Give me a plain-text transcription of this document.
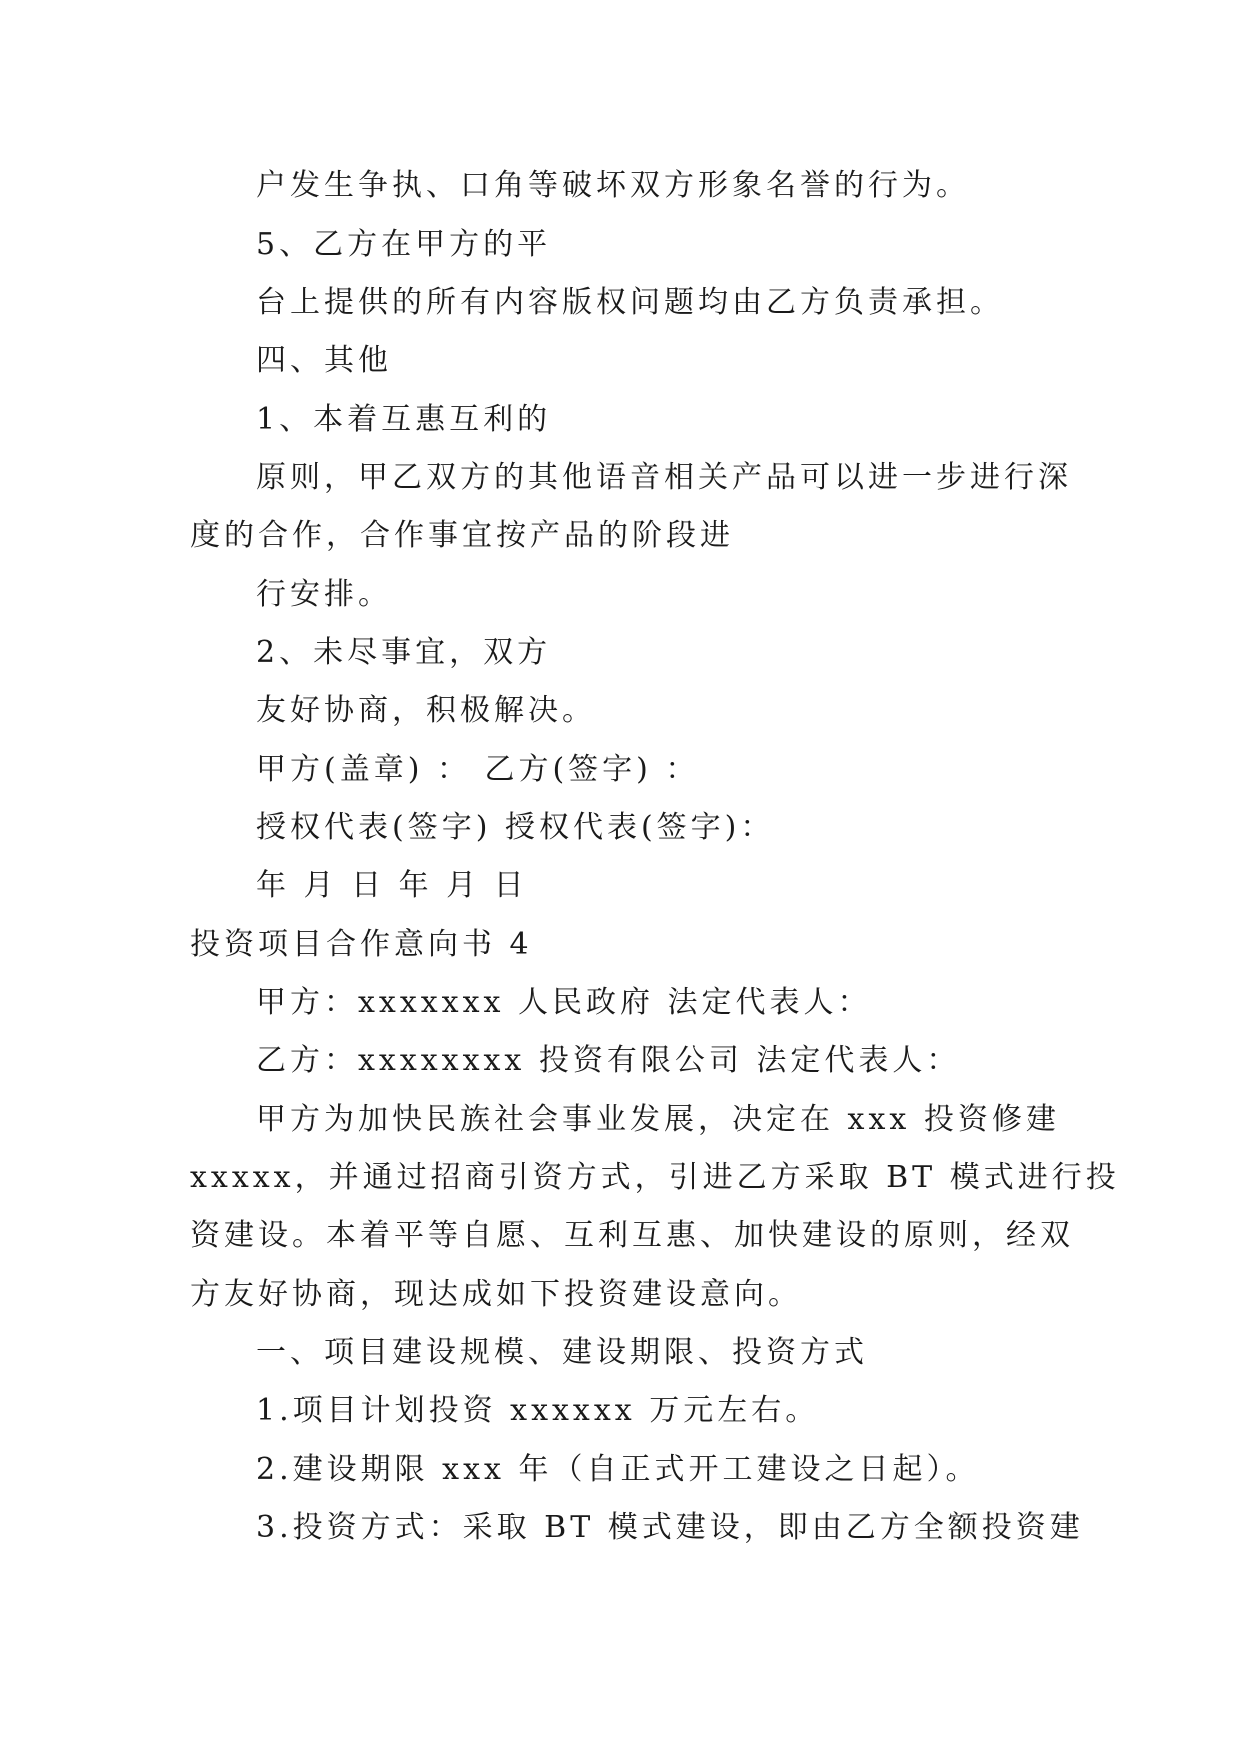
户发生争执、口角等破坏双方形象名誉的行为。
5、乙方在甲方的平
台上提供的所有内容版权问题均由乙方负责承担。
四、其他
1、本着互惠互利的
原则，甲乙双方的其他语音相关产品可以进一步进行深
度的合作，合作事宜按产品的阶段进
行安排。
2、未尽事宜，双方
友好协商，积极解决。
甲方(盖章) ： 乙方(签字) ：
授权代表(签字) 授权代表(签字)：
年 月 日 年 月 日
投资项目合作意向书 4
甲方：xxxxxxx 人民政府 法定代表人：
乙方：xxxxxxxx 投资有限公司 法定代表人：
甲方为加快民族社会事业发展，决定在 xxx 投资修建
xxxxx，并通过招商引资方式，引进乙方采取 BT 模式进行投
资建设。本着平等自愿、互利互惠、加快建设的原则，经双
方友好协商，现达成如下投资建设意向。
一、项目建设规模、建设期限、投资方式
1.项目计划投资 xxxxxx 万元左右。
2.建设期限 xxx 年（自正式开工建设之日起）。
3.投资方式：采取 BT 模式建设，即由乙方全额投资建
